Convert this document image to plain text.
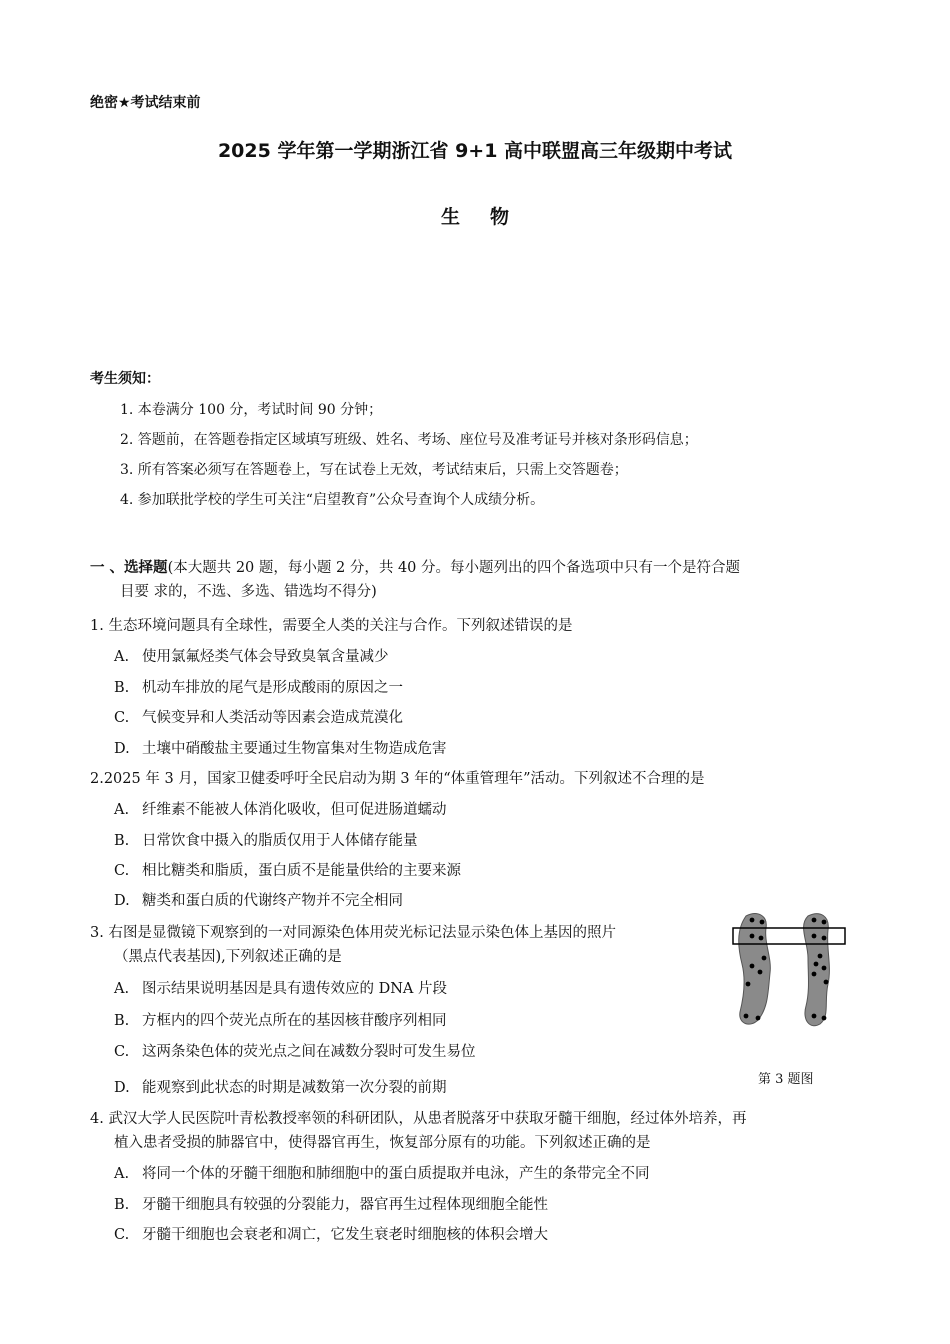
绝密★考试结束前
2025 学年第一学期浙江省 9+1 高中联盟高三年级期中考试
生物
考生须知：
1. 本卷满分 100 分，考试时间 90 分钟；
2. 答题前，在答题卷指定区域填写班级、姓名、考场、座位号及准考证号并核对条形码信息；
3. 所有答案必须写在答题卷上，写在试卷上无效，考试结束后，只需上交答题卷；
4. 参加联批学校的学生可关注“启望教育”公众号查询个人成绩分析。
一 、选择题(本大题共 20 题，每小题 2 分，共 40 分。每小题列出的四个备选项中只有一个是符合题
目要 求的，不选、多选、错选均不得分)
1. 生态环境问题具有全球性，需要全人类的关注与合作。下列叙述错误的是
A. 使用氯氟烃类气体会导致臭氧含量减少
B. 机动车排放的尾气是形成酸雨的原因之一
C. 气候变异和人类活动等因素会造成荒漠化
D. 土壤中硝酸盐主要通过生物富集对生物造成危害
2.2025 年 3 月，国家卫健委呼吁全民启动为期 3 年的“体重管理年”活动。下列叙述不合理的是
A. 纤维素不能被人体消化吸收，但可促进肠道蠕动
B. 日常饮食中摄入的脂质仅用于人体储存能量
C. 相比糖类和脂质，蛋白质不是能量供给的主要来源
D. 糖类和蛋白质的代谢终产物并不完全相同
3. 右图是显微镜下观察到的一对同源染色体用荧光标记法显示染色体上基因的照片
（黑点代表基因),下列叙述正确的是
A. 图示结果说明基因是具有遗传效应的 DNA 片段
B. 方框内的四个荧光点所在的基因核苷酸序列相同
C. 这两条染色体的荧光点之间在减数分裂时可发生易位
D. 能观察到此状态的时期是减数第一次分裂的前期
第 3 题图
4. 武汉大学人民医院叶青松教授率领的科研团队，从患者脱落牙中获取牙髓干细胞，经过体外培养，再
植入患者受损的肺器官中，使得器官再生，恢复部分原有的功能。下列叙述正确的是
A. 将同一个体的牙髓干细胞和肺细胞中的蛋白质提取并电泳，产生的条带完全不同
B. 牙髓干细胞具有较强的分裂能力，器官再生过程体现细胞全能性
C. 牙髓干细胞也会衰老和凋亡，它发生衰老时细胞核的体积会增大
